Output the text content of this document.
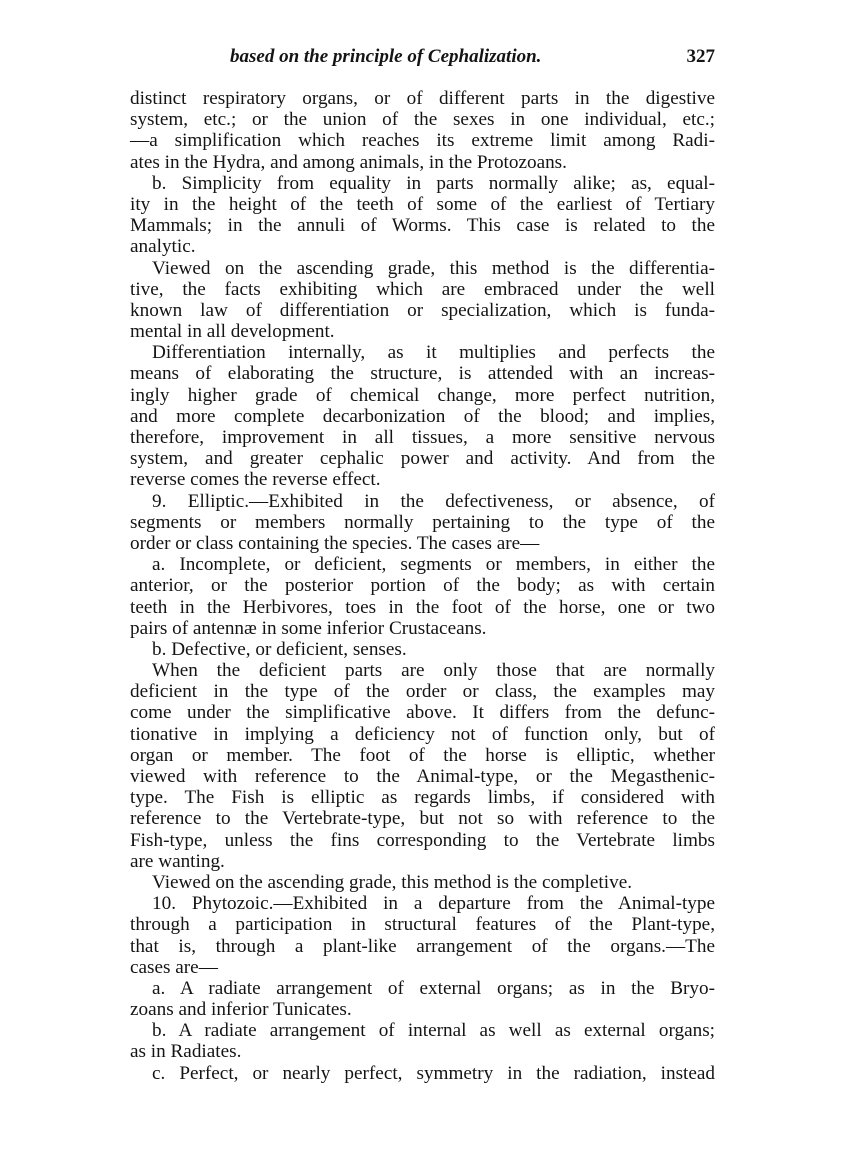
based on the principle of Cephalization.	327
distinct respiratory organs, or of different parts in the digestive
system, etc.; or the union of the sexes in one individual, etc.;
—a simplification which reaches its extreme limit among Radi-
ates in the Hydra, and among animals, in the Protozoans.
b. Simplicity from equality in parts normally alike; as, equal-
ity in the height of the teeth of some of the earliest of Tertiary
Mammals; in the annuli of Worms. This case is related to the
analytic.
Viewed on the ascending grade, this method is the differentia-
tive, the facts exhibiting which are embraced under the well
known law of differentiation or specialization, which is funda-
mental in all development.
Differentiation internally, as it multiplies and perfects the
means of elaborating the structure, is attended with an increas-
ingly higher grade of chemical change, more perfect nutrition,
and more complete decarbonization of the blood; and implies,
therefore, improvement in all tissues, a more sensitive nervous
system, and greater cephalic power and activity. And from the
reverse comes the reverse effect.
9. Elliptic.—Exhibited in the defectiveness, or absence, of
segments or members normally pertaining to the type of the
order or class containing the species. The cases are—
a. Incomplete, or deficient, segments or members, in either the
anterior, or the posterior portion of the body; as with certain
teeth in the Herbivores, toes in the foot of the horse, one or two
pairs of antennæ in some inferior Crustaceans.
b. Defective, or deficient, senses.
When the deficient parts are only those that are normally
deficient in the type of the order or class, the examples may
come under the simplificative above. It differs from the defunc-
tionative in implying a deficiency not of function only, but of
organ or member. The foot of the horse is elliptic, whether
viewed with reference to the Animal-type, or the Megasthenic-
type. The Fish is elliptic as regards limbs, if considered with
reference to the Vertebrate-type, but not so with reference to the
Fish-type, unless the fins corresponding to the Vertebrate limbs
are wanting.
Viewed on the ascending grade, this method is the completive.
10. Phytozoic.—Exhibited in a departure from the Animal-type
through a participation in structural features of the Plant-type,
that is, through a plant-like arrangement of the organs.—The
cases are—
a. A radiate arrangement of external organs; as in the Bryo-
zoans and inferior Tunicates.
b. A radiate arrangement of internal as well as external organs;
as in Radiates.
c. Perfect, or nearly perfect, symmetry in the radiation, instead
